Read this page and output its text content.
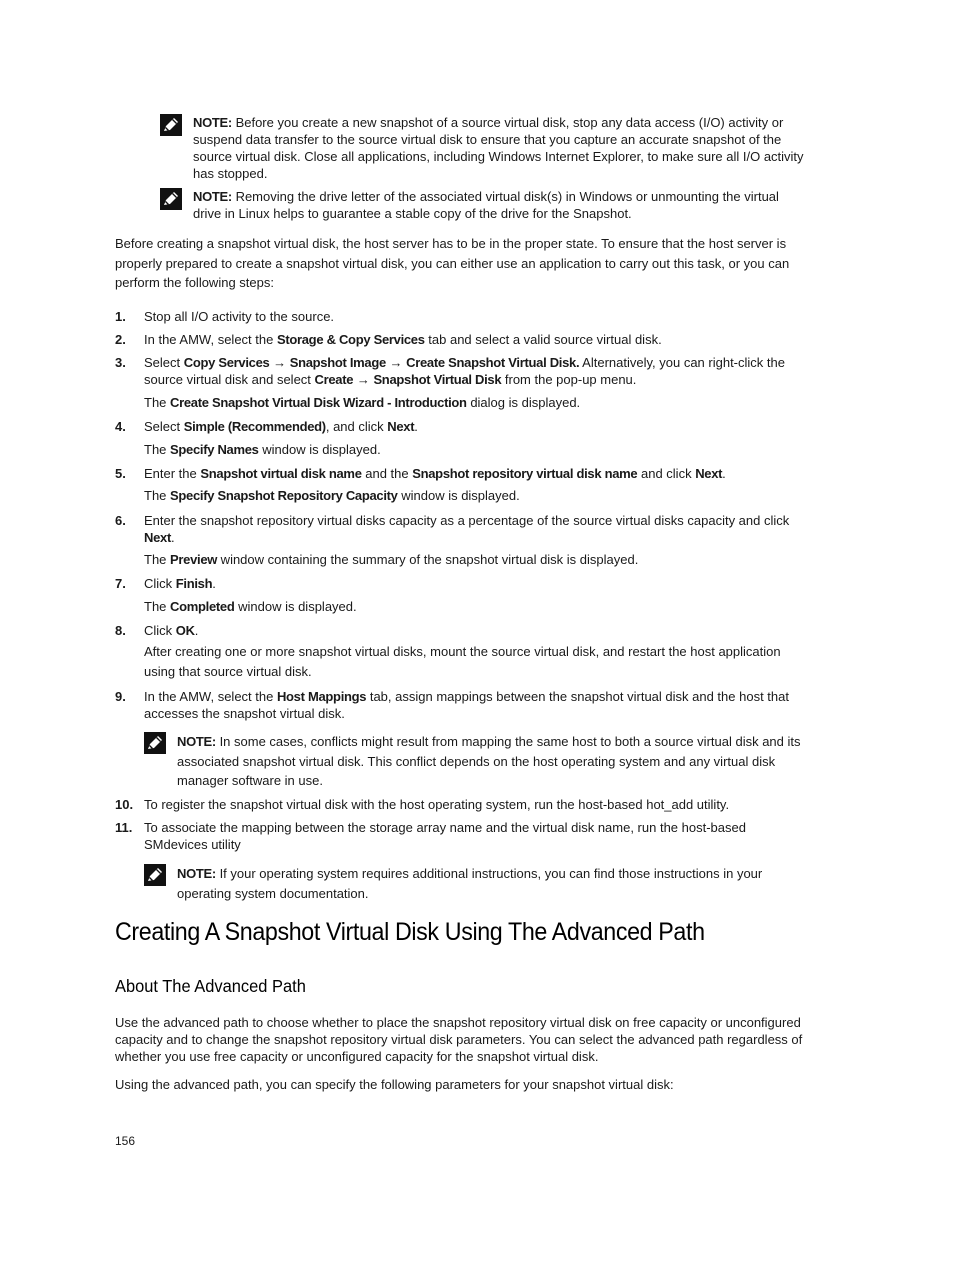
NOTE: Before you create a new snapshot of a source virtual disk, stop any data access (I/O) activity or suspend data transfer to the source virtual disk to ensure that you capture an accurate snapshot of the source virtual disk. Close all applications, including Windows Internet Explorer, to make sure all I/O activity has stopped.
NOTE: Removing the drive letter of the associated virtual disk(s) in Windows or unmounting the virtual drive in Linux helps to guarantee a stable copy of the drive for the Snapshot.
Before creating a snapshot virtual disk, the host server has to be in the proper state. To ensure that the host server is properly prepared to create a snapshot virtual disk, you can either use an application to carry out this task, or you can perform the following steps:
1. Stop all I/O activity to the source.
2. In the AMW, select the Storage & Copy Services tab and select a valid source virtual disk.
3. Select Copy Services → Snapshot Image → Create Snapshot Virtual Disk. Alternatively, you can right-click the source virtual disk and select Create → Snapshot Virtual Disk from the pop-up menu.
The Create Snapshot Virtual Disk Wizard - Introduction dialog is displayed.
4. Select Simple (Recommended), and click Next.
The Specify Names window is displayed.
5. Enter the Snapshot virtual disk name and the Snapshot repository virtual disk name and click Next.
The Specify Snapshot Repository Capacity window is displayed.
6. Enter the snapshot repository virtual disks capacity as a percentage of the source virtual disks capacity and click Next.
The Preview window containing the summary of the snapshot virtual disk is displayed.
7. Click Finish.
The Completed window is displayed.
8. Click OK.
After creating one or more snapshot virtual disks, mount the source virtual disk, and restart the host application using that source virtual disk.
9. In the AMW, select the Host Mappings tab, assign mappings between the snapshot virtual disk and the host that accesses the snapshot virtual disk.
NOTE: In some cases, conflicts might result from mapping the same host to both a source virtual disk and its associated snapshot virtual disk. This conflict depends on the host operating system and any virtual disk manager software in use.
10. To register the snapshot virtual disk with the host operating system, run the host-based hot_add utility.
11. To associate the mapping between the storage array name and the virtual disk name, run the host-based SMdevices utility
NOTE: If your operating system requires additional instructions, you can find those instructions in your operating system documentation.
Creating A Snapshot Virtual Disk Using The Advanced Path
About The Advanced Path
Use the advanced path to choose whether to place the snapshot repository virtual disk on free capacity or unconfigured capacity and to change the snapshot repository virtual disk parameters. You can select the advanced path regardless of whether you use free capacity or unconfigured capacity for the snapshot virtual disk.
Using the advanced path, you can specify the following parameters for your snapshot virtual disk:
156
